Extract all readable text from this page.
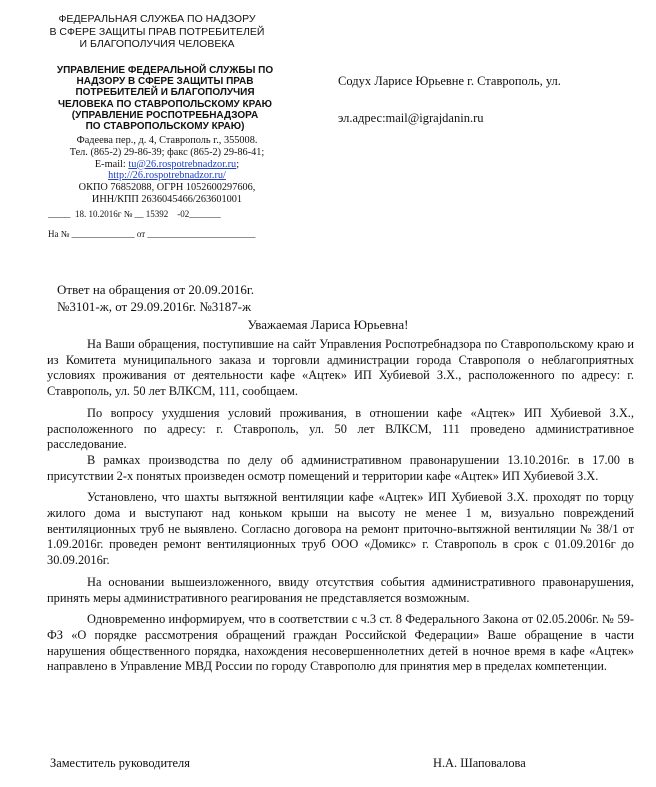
ФЕДЕРАЛЬНАЯ СЛУЖБА ПО НАДЗОРУ
В СФЕРЕ ЗАЩИТЫ ПРАВ ПОТРЕБИТЕЛЕЙ
И БЛАГОПОЛУЧИЯ ЧЕЛОВЕКА
УПРАВЛЕНИЕ ФЕДЕРАЛЬНОЙ СЛУЖБЫ ПО
НАДЗОРУ В СФЕРЕ ЗАЩИТЫ ПРАВ
ПОТРЕБИТЕЛЕЙ И БЛАГОПОЛУЧИЯ
ЧЕЛОВЕКА ПО СТАВРОПОЛЬСКОМУ КРАЮ
(УПРАВЛЕНИЕ РОСПОТРЕБНАДЗОРА
ПО СТАВРОПОЛЬСКОМУ КРАЮ)
Фадеева пер., д. 4, Ставрополь г., 355008.
Тел. (865-2) 29-86-39; факс (865-2) 29-86-41;
E-mail: tu@26.rospotrebnadzor.ru;
http://26.rospotrebnadzor.ru/
ОКПО 76852088, ОГРН 1052600297606,
ИНН/КПП 2636045466/263601001
_____  18. 10.2016г № __ 15392    -02_______
На № ______________ от ________________________
Содух Ларисе Юрьевне г. Ставрополь, ул.
эл.адрес:mail@igrajdanin.ru
Ответ на обращения от 20.09.2016г.
№3101-ж, от 29.09.2016г. №3187-ж
Уважаемая Лариса Юрьевна!

На Ваши обращения, поступившие на сайт Управления Роспотребнадзора по Ставропольскому краю и из Комитета муниципального заказа и торговли администрации города Ставрополя о неблагоприятных условиях проживания от деятельности кафе «Ацтек» ИП Хубиевой З.Х., расположенного по адресу: г. Ставрополь, ул. 50 лет ВЛКСМ, 111, сообщаем.

По вопросу ухудшения условий проживания, в отношении кафе «Ацтек» ИП Хубиевой З.Х., расположенного по адресу: г. Ставрополь, ул. 50 лет ВЛКСМ, 111 проведено административное расследование.

В рамках производства по делу об административном правонарушении 13.10.2016г. в 17.00 в присутствии 2-х понятых произведен осмотр помещений и территории кафе «Ацтек» ИП Хубиевой З.Х.

Установлено, что шахты вытяжной вентиляции кафе «Ацтек» ИП Хубиевой З.Х. проходят по торцу жилого дома и выступают над коньком крыши на высоту не менее 1 м, визуально повреждений вентиляционных труб не выявлено. Согласно договора на ремонт приточно-вытяжной вентиляции № 38/1 от 1.09.2016г. проведен ремонт вентиляционных труб ООО «Домикс» г. Ставрополь в срок с 01.09.2016г до 30.09.2016г.

На основании вышеизложенного, ввиду отсутствия события административного правонарушения, принять меры административного реагирования не представляется возможным.

Одновременно информируем, что в соответствии с ч.3 ст. 8 Федерального Закона от 02.05.2006г. № 59-ФЗ «О порядке рассмотрения обращений граждан Российской Федерации» Ваше обращение в части нарушения общественного порядка, нахождения несовершеннолетних детей в ночное время в кафе «Ацтек» направлено в Управление МВД России по городу Ставрополю для принятия мер в пределах компетенции.

Заместитель руководителя	Н.А. Шаповалова
